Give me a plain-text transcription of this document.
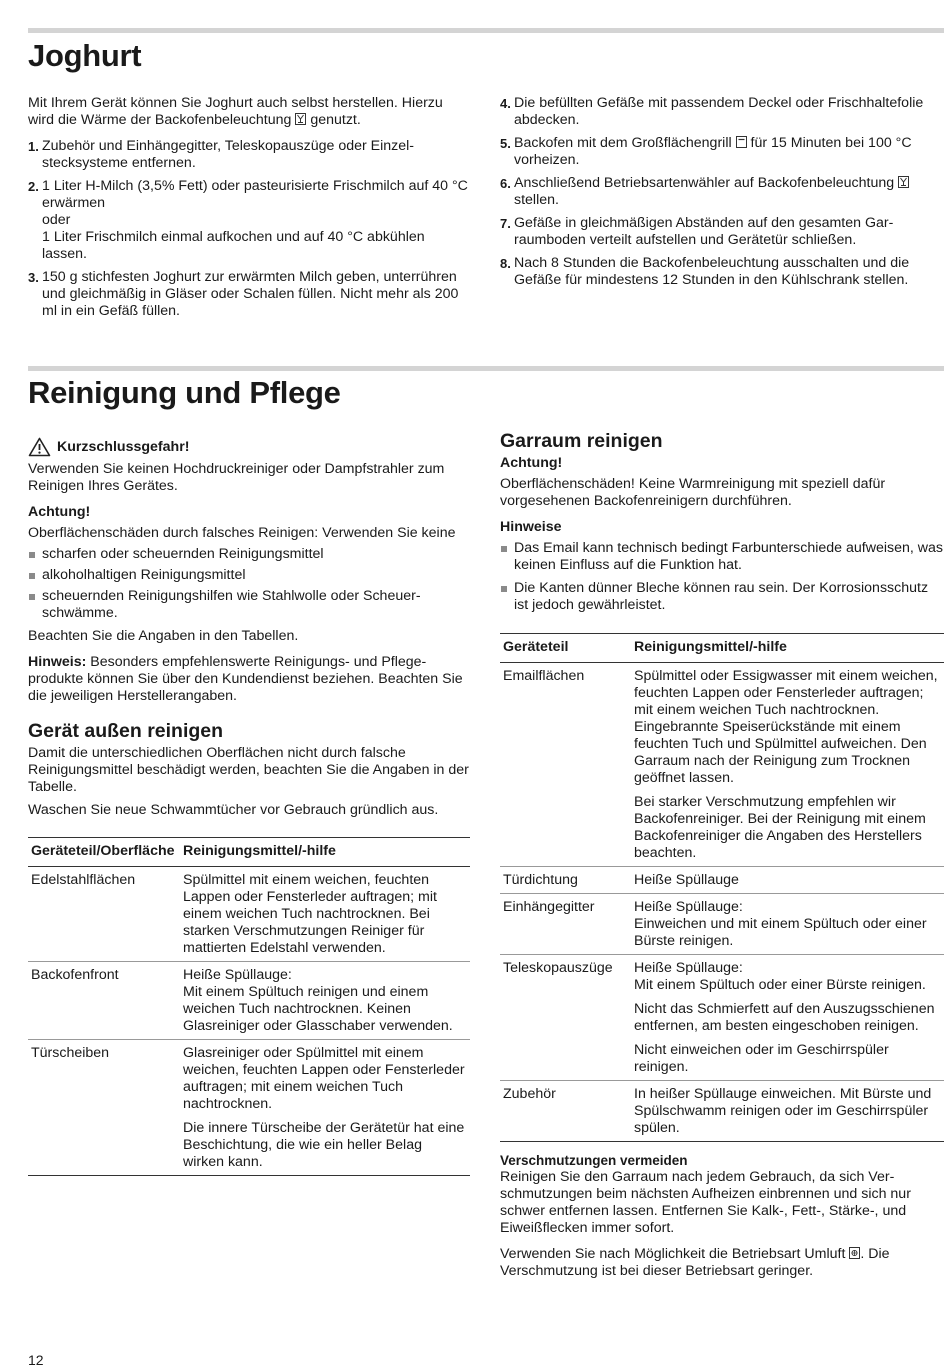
Joghurt

Mit Ihrem Gerät können Sie Joghurt auch selbst herstellen. Hierzu wird die Wärme der Backofenbeleuchtung genutzt.

1. Zubehör und Einhängegitter, Teleskopauszüge oder Einzelstecksysteme entfernen.
2. 1 Liter H-Milch (3,5% Fett) oder pasteurisierte Frischmilch auf 40 °C erwärmen
oder
1 Liter Frischmilch einmal aufkochen und auf 40 °C abkühlen lassen.
3. 150 g stichfesten Joghurt zur erwärmten Milch geben, unterrühren und gleichmäßig in Gläser oder Schalen füllen. Nicht mehr als 200 ml in ein Gefäß füllen.
4. Die befüllten Gefäße mit passendem Deckel oder Frischhaltefolie abdecken.
5. Backofen mit dem Großflächengrill für 15 Minuten bei 100 °C vorheizen.
6. Anschließend Betriebsartenwähler auf Backofenbeleuchtung
stellen.
7. Gefäße in gleichmäßigen Abständen auf den gesamten Garraumboden verteilt aufstellen und Gerätetür schließen.
8. Nach 8 Stunden die Backofenbeleuchtung ausschalten und die Gefäße für mindestens 12 Stunden in den Kühlschrank stellen.
Reinigung und Pflege
Kurzschlussgefahr!

Verwenden Sie keinen Hochdruckreiniger oder Dampfstrahler zum Reinigen Ihres Gerätes.

Achtung!

Oberflächenschäden durch falsches Reinigen: Verwenden Sie keine

scharfen oder scheuernden Reinigungsmittel
alkoholhaltigen Reinigungsmittel
scheuernden Reinigungshilfen wie Stahlwolle oder Scheuerschwämme.

Beachten Sie die Angaben in den Tabellen.

Hinweis: Besonders empfehlenswerte Reinigungs- und Pflegeprodukte können Sie über den Kundendienst beziehen. Beachten Sie die jeweiligen Herstellerangaben.

Gerät außen reinigen

Damit die unterschiedlichen Oberflächen nicht durch falsche Reinigungsmittel beschädigt werden, beachten Sie die Angaben in der Tabelle.

Waschen Sie neue Schwammtücher vor Gebrauch gründlich aus.

Geräteteil/Oberfläche	Reinigungsmittel/-hilfe
Edelstahlflächen	Spülmittel mit einem weichen, feuchten Lappen oder Fensterleder auftragen; mit einem weichen Tuch nachtrocknen. Bei starken Verschmutzungen Reiniger für mattierten Edelstahl verwenden.

Backofenfront	Heiße Spüllauge:
Mit einem Spültuch reinigen und einem weichen Tuch nachtrocknen. Keinen Glasreiniger oder Glasschaber verwenden.

Türscheiben	Glasreiniger oder Spülmittel mit einem weichen, feuchten Lappen oder Fensterleder auftragen; mit einem weichen Tuch nachtrocknen.

Die innere Türscheibe der Gerätetür hat eine Beschichtung, die wie ein heller Belag wirken kann.

Garraum reinigen
Achtung!

Oberflächenschäden! Keine Warmreinigung mit speziell dafür vorgesehenen Backofenreinigern durchführen.

Hinweise
Das Email kann technisch bedingt Farbunterschiede aufweisen, was keinen Einfluss auf die Funktion hat.
Die Kanten dünner Bleche können rau sein. Der Korrosionsschutz ist jedoch gewährleistet.
Geräteteil	Reinigungsmittel/-hilfe
Emailflächen	Spülmittel oder Essigwasser mit einem weichen, feuchten Lappen oder Fensterleder auftragen; mit einem weichen Tuch nachtrocknen. Eingebrannte Speiserückstände mit einem feuchten Tuch und Spülmittel aufweichen. Den Garraum nach der Reinigung zum Trocknen geöffnet lassen.

Bei starker Verschmutzung empfehlen wir Backofenreiniger. Bei der Reinigung mit einem Backofenreiniger die Angaben des Herstellers beachten.

Türdichtung	Heiße Spüllauge

Einhängegitter	Heiße Spüllauge:
Einweichen und mit einem Spültuch oder einer Bürste reinigen.

Teleskopauszüge	Heiße Spüllauge:
Mit einem Spültuch oder einer Bürste reinigen.

Nicht das Schmierfett auf den Auszugsschienen entfernen, am besten eingeschoben reinigen.

Nicht einweichen oder im Geschirrspüler reinigen.

Zubehör	In heißer Spüllauge einweichen. Mit Bürste und Spülschwamm reinigen oder im Geschirrspüler spülen.

Verschmutzungen vermeiden

Reinigen Sie den Garraum nach jedem Gebrauch, da sich Verschmutzungen beim nächsten Aufheizen einbrennen und sich nur schwer entfernen lassen. Entfernen Sie Kalk-, Fett-, Stärke-, und Eiweißflecken immer sofort.

Verwenden Sie nach Möglichkeit die Betriebsart Umluft . Die Verschmutzung ist bei dieser Betriebsart geringer.

12
